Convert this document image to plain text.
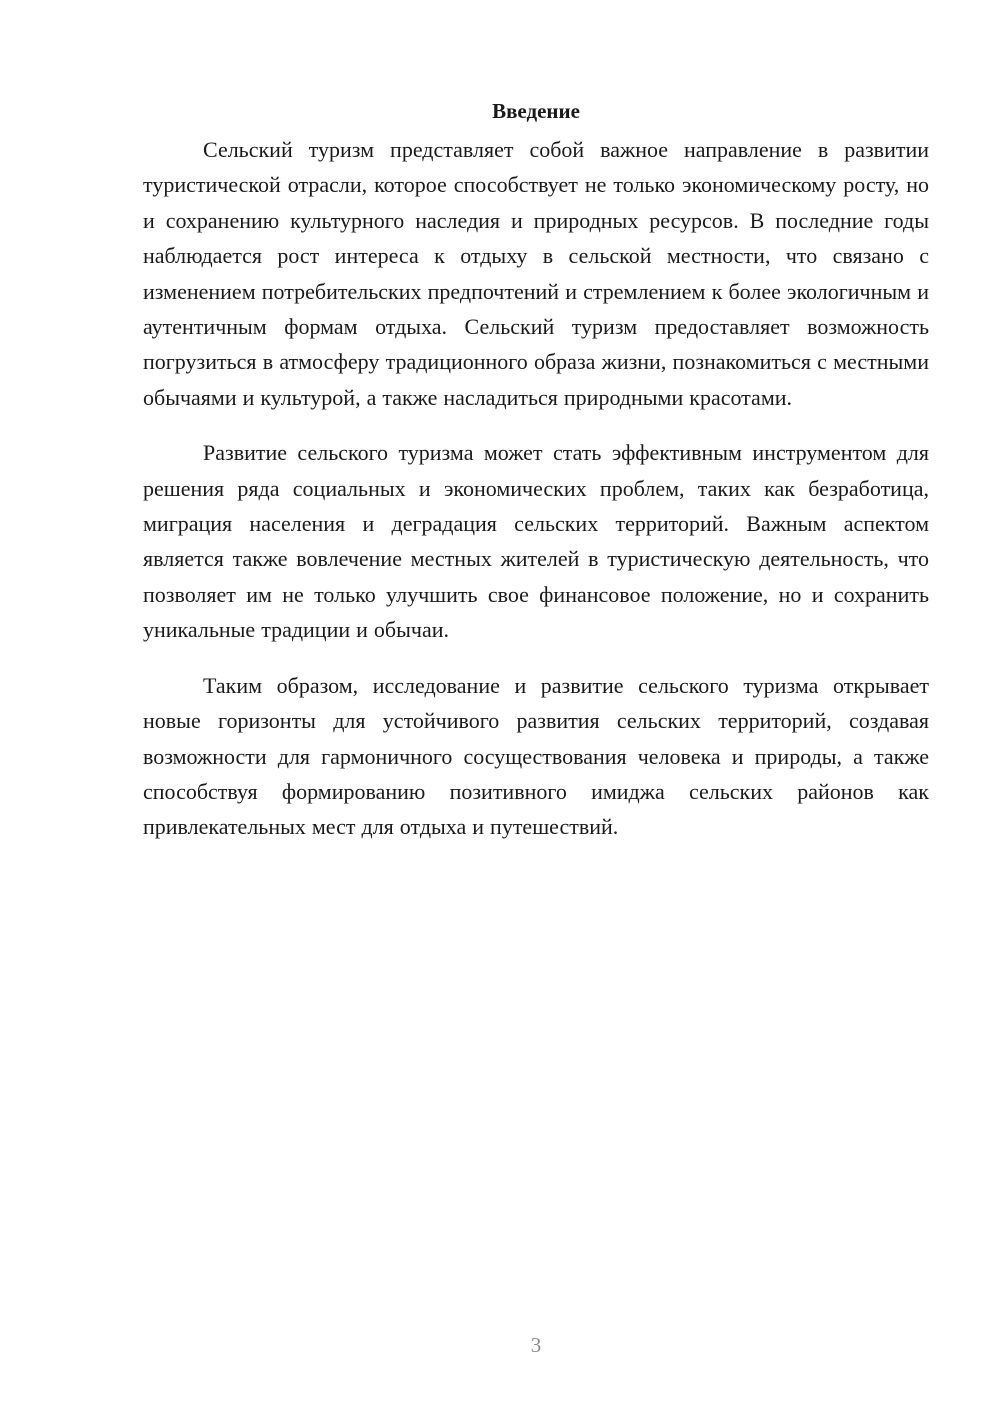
Введение

Сельский туризм представляет собой важное направление в развитии туристической отрасли, которое способствует не только экономическому росту, но и сохранению культурного наследия и природных ресурсов. В последние годы наблюдается рост интереса к отдыху в сельской местности, что связано с изменением потребительских предпочтений и стремлением к более экологичным и аутентичным формам отдыха. Сельский туризм предоставляет возможность погрузиться в атмосферу традиционного образа жизни, познакомиться с местными обычаями и культурой, а также насладиться природными красотами.

Развитие сельского туризма может стать эффективным инструментом для решения ряда социальных и экономических проблем, таких как безработица, миграция населения и деградация сельских территорий. Важным аспектом является также вовлечение местных жителей в туристическую деятельность, что позволяет им не только улучшить свое финансовое положение, но и сохранить уникальные традиции и обычаи.

Таким образом, исследование и развитие сельского туризма открывает новые горизонты для устойчивого развития сельских территорий, создавая возможности для гармоничного сосуществования человека и природы, а также способствуя формированию позитивного имиджа сельских районов как привлекательных мест для отдыха и путешествий.

3
